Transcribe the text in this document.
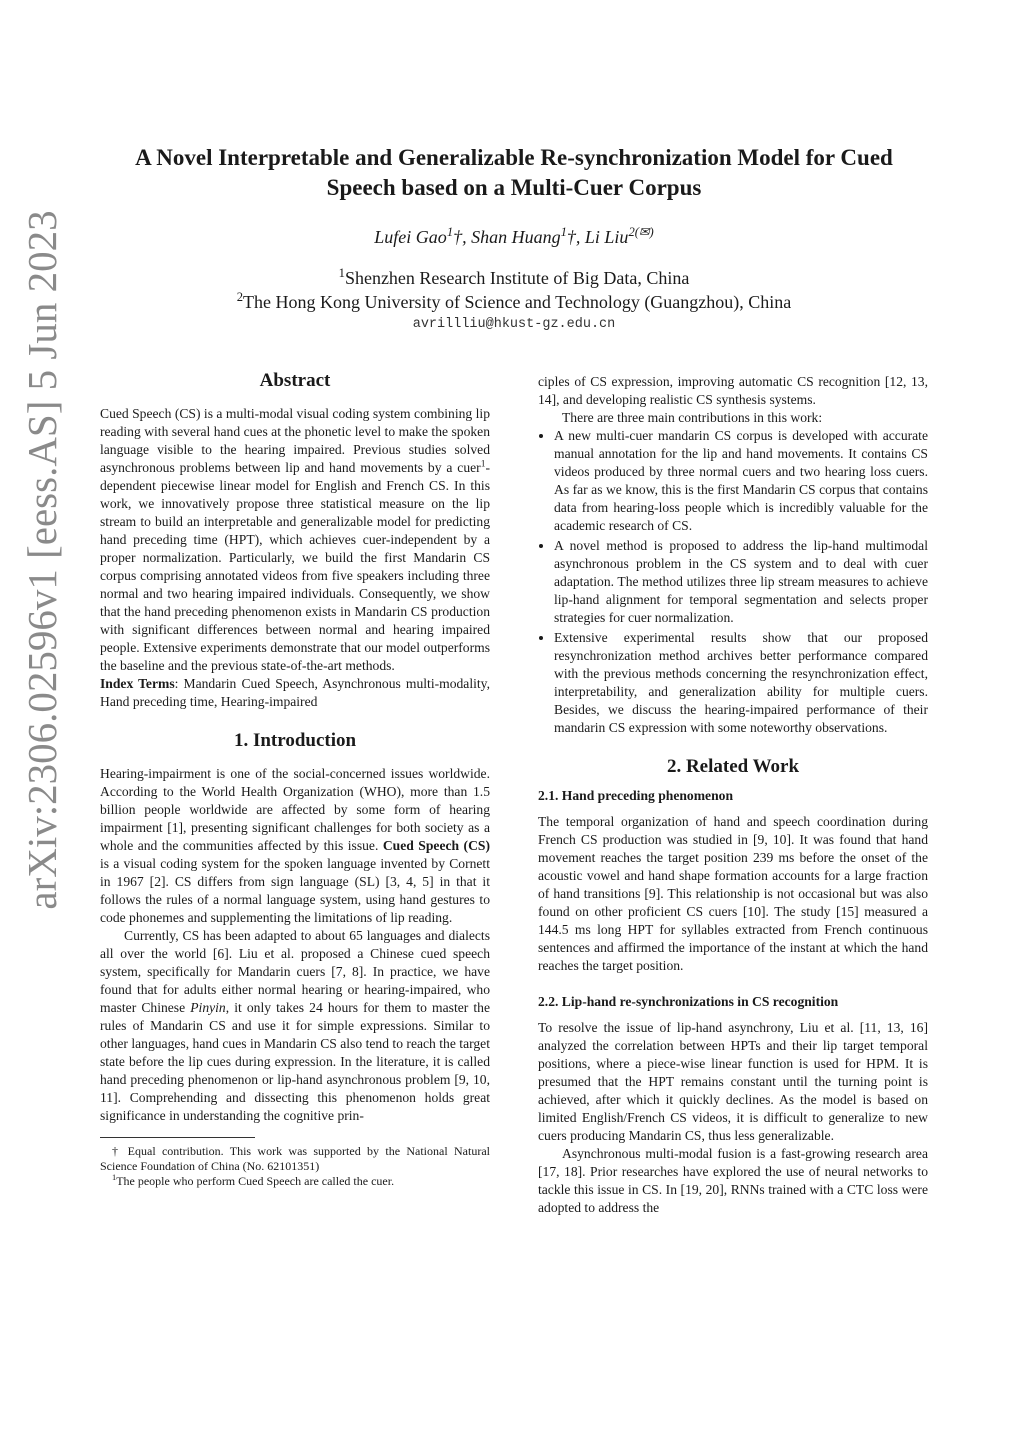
arXiv:2306.02596v1 [eess.AS] 5 Jun 2023
A Novel Interpretable and Generalizable Re-synchronization Model for Cued Speech based on a Multi-Cuer Corpus
Lufei Gao$^1$†, Shan Huang$^1$†, Li Liu$^{2(✉)}$
$^1$Shenzhen Research Institute of Big Data, China
$^2$The Hong Kong University of Science and Technology (Guangzhou), China
avrillliu@hkust-gz.edu.cn

Abstract

Cued Speech (CS) is a multi-modal visual coding system combining lip reading with several hand cues at the phonetic level to make the spoken language visible to the hearing impaired. Previous studies solved asynchronous problems between lip and hand movements by a cuer$^1$-dependent piecewise linear model for English and French CS. In this work, we innovatively propose three statistical measure on the lip stream to build an interpretable and generalizable model for predicting hand preceding time (HPT), which achieves cuer-independent by a proper normalization. Particularly, we build the first Mandarin CS corpus comprising annotated videos from five speakers including three normal and two hearing impaired individuals. Consequently, we show that the hand preceding phenomenon exists in Mandarin CS production with significant differences between normal and hearing impaired people. Extensive experiments demonstrate that our model outperforms the baseline and the previous state-of-the-art methods.

Index Terms: Mandarin Cued Speech, Asynchronous multi-modality, Hand preceding time, Hearing-impaired

1. Introduction

Hearing-impairment is one of the social-concerned issues worldwide. According to the World Health Organization (WHO), more than 1.5 billion people worldwide are affected by some form of hearing impairment [1], presenting significant challenges for both society as a whole and the communities affected by this issue. Cued Speech (CS) is a visual coding system for the spoken language invented by Cornett in 1967 [2]. CS differs from sign language (SL) [3, 4, 5] in that it follows the rules of a normal language system, using hand gestures to code phonemes and supplementing the limitations of lip reading.

Currently, CS has been adapted to about 65 languages and dialects all over the world [6]. Liu et al. proposed a Chinese cued speech system, specifically for Mandarin cuers [7, 8]. In practice, we have found that for adults either normal hearing or hearing-impaired, who master Chinese Pinyin, it only takes 24 hours for them to master the rules of Mandarin CS and use it for simple expressions. Similar to other languages, hand cues in Mandarin CS also tend to reach the target state before the lip cues during expression. In the literature, it is called hand preceding phenomenon or lip-hand asynchronous problem [9, 10, 11]. Comprehending and dissecting this phenomenon holds great significance in understanding the cognitive prin-

† Equal contribution. This work was supported by the National Natural Science Foundation of China (No. 62101351)

$^1$The people who perform Cued Speech are called the cuer.

ciples of CS expression, improving automatic CS recognition [12, 13, 14], and developing realistic CS synthesis systems.

There are three main contributions in this work:

• A new multi-cuer mandarin CS corpus is developed with accurate manual annotation for the lip and hand movements. It contains CS videos produced by three normal cuers and two hearing loss cuers. As far as we know, this is the first Mandarin CS corpus that contains data from hearing-loss people which is incredibly valuable for the academic research of CS.
• A novel method is proposed to address the lip-hand multimodal asynchronous problem in the CS system and to deal with cuer adaptation. The method utilizes three lip stream measures to achieve lip-hand alignment for temporal segmentation and selects proper strategies for cuer normalization.
• Extensive experimental results show that our proposed resynchronization method archives better performance compared with the previous methods concerning the resynchronization effect, interpretability, and generalization ability for multiple cuers. Besides, we discuss the hearing-impaired performance of their mandarin CS expression with some noteworthy observations.

2. Related Work

2.1. Hand preceding phenomenon

The temporal organization of hand and speech coordination during French CS production was studied in [9, 10]. It was found that hand movement reaches the target position 239 ms before the onset of the acoustic vowel and hand shape formation accounts for a large fraction of hand transitions [9]. This relationship is not occasional but was also found on other proficient CS cuers [10]. The study [15] measured a 144.5 ms long HPT for syllables extracted from French continuous sentences and affirmed the importance of the instant at which the hand reaches the target position.

2.2. Lip-hand re-synchronizations in CS recognition

To resolve the issue of lip-hand asynchrony, Liu et al. [11, 13, 16] analyzed the correlation between HPTs and their lip target temporal positions, where a piece-wise linear function is used for HPM. It is presumed that the HPT remains constant until the turning point is achieved, after which it quickly declines. As the model is based on limited English/French CS videos, it is difficult to generalize to new cuers producing Mandarin CS, thus less generalizable.

Asynchronous multi-modal fusion is a fast-growing research area [17, 18]. Prior researches have explored the use of neural networks to tackle this issue in CS. In [19, 20], RNNs trained with a CTC loss were adopted to address the
